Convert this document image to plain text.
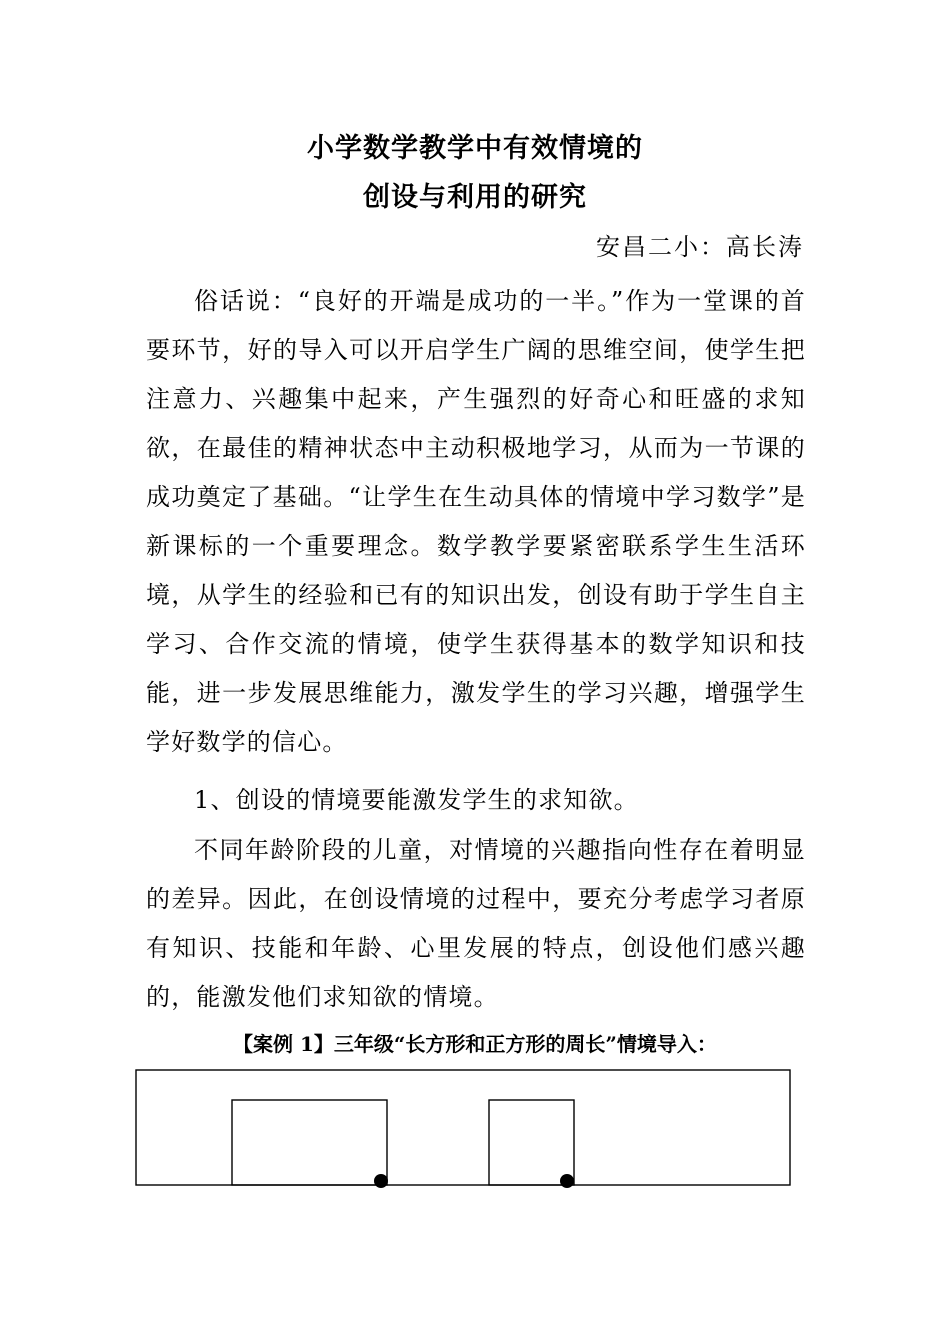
小学数学教学中有效情境的
创设与利用的研究
安昌二小：高长涛

俗话说：“良好的开端是成功的一半。”作为一堂课的首要环节，好的导入可以开启学生广阔的思维空间，使学生把注意力、兴趣集中起来，产生强烈的好奇心和旺盛的求知欲，在最佳的精神状态中主动积极地学习，从而为一节课的成功奠定了基础。“让学生在生动具体的情境中学习数学”是新课标的一个重要理念。数学教学要紧密联系学生生活环境，从学生的经验和已有的知识出发，创设有助于学生自主学习、合作交流的情境，使学生获得基本的数学知识和技能，进一步发展思维能力，激发学生的学习兴趣，增强学生学好数学的信心。

1、创设的情境要能激发学生的求知欲。

不同年龄阶段的儿童，对情境的兴趣指向性存在着明显的差异。因此，在创设情境的过程中，要充分考虑学习者原有知识、技能和年龄、心里发展的特点，创设他们感兴趣的，能激发他们求知欲的情境。

【案例 1】三年级“长方形和正方形的周长”情境导入：
